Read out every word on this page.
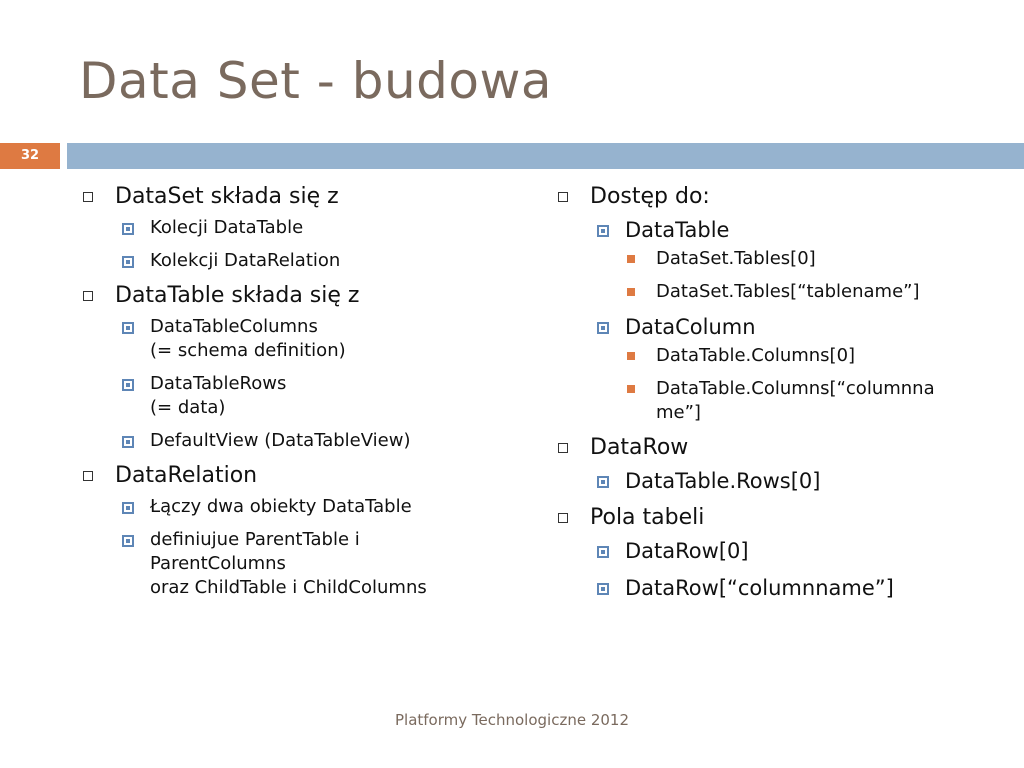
Data Set - budowa
32
DataSet składa się z
Kolecji DataTable
Kolekcji DataRelation
DataTable składa się z
DataTableColumns
(= schema definition)
DataTableRows
(= data)
DefaultView (DataTableView)
DataRelation
Łączy dwa obiekty DataTable
definiujue ParentTable i
ParentColumns
oraz ChildTable i ChildColumns
Dostęp do:
DataTable
DataSet.Tables[0]
DataSet.Tables[“tablename”]
DataColumn
DataTable.Columns[0]
DataTable.Columns[“columnna
me”]
DataRow
DataTable.Rows[0]
Pola tabeli
DataRow[0]
DataRow[“columnname”]
Platformy Technologiczne 2012
